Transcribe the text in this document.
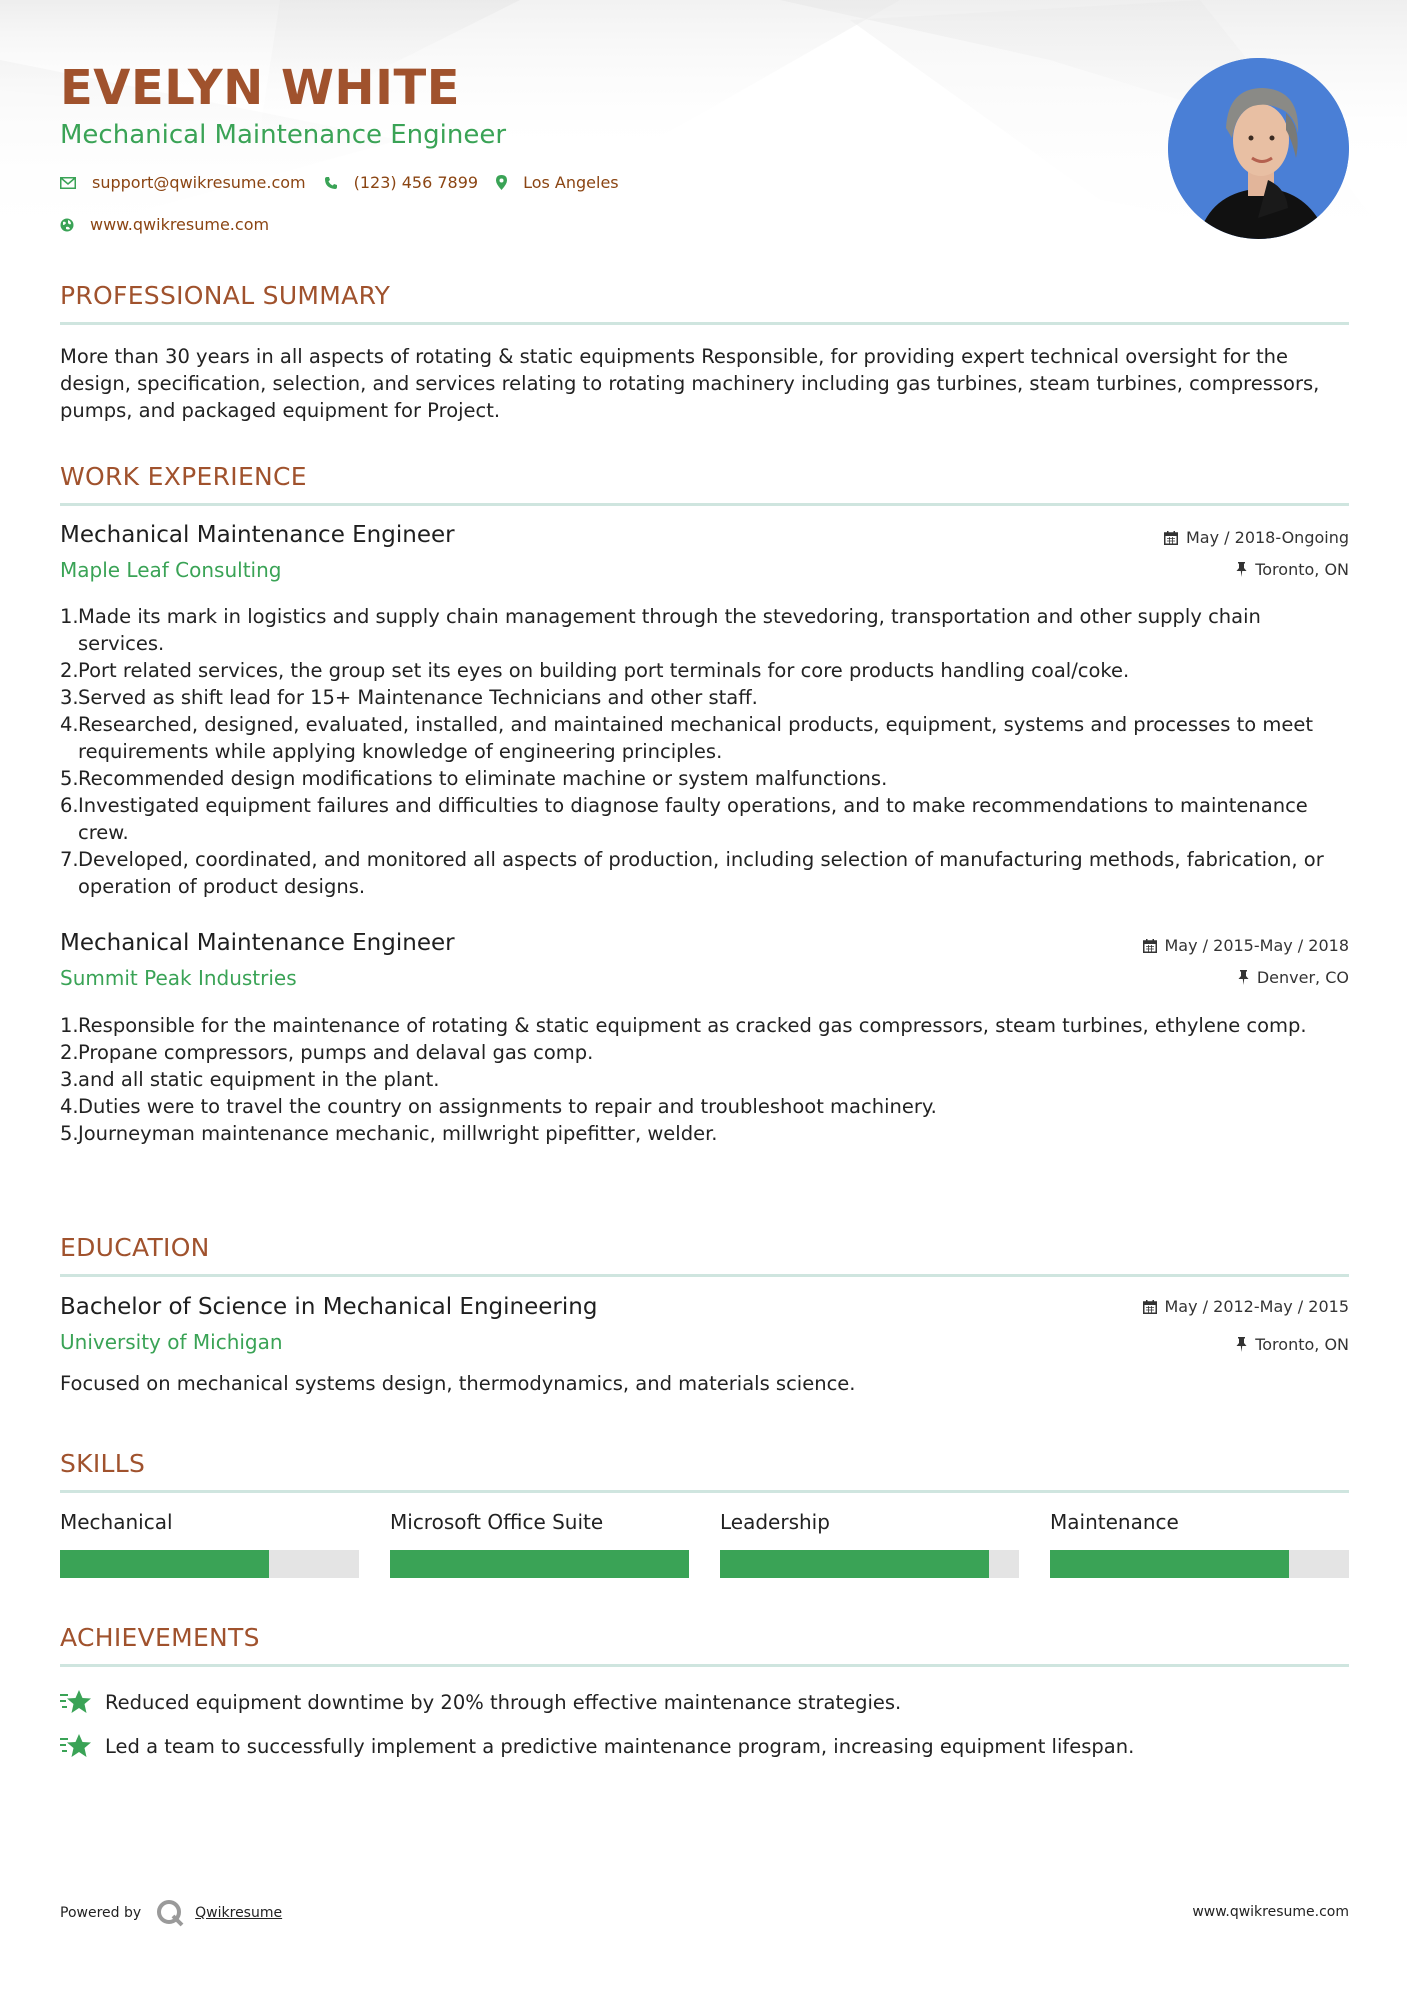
EVELYN WHITE
Mechanical Maintenance Engineer
support@qwikresume.com	(123) 456 7899	Los Angeles
www.qwikresume.com
PROFESSIONAL SUMMARY
More than 30 years in all aspects of rotating & static equipments Responsible, for providing expert technical oversight for the design, specification, selection, and services relating to rotating machinery including gas turbines, steam turbines, compressors, pumps, and packaged equipment for Project.
WORK EXPERIENCE
Mechanical Maintenance Engineer
Maple Leaf Consulting
May / 2018-Ongoing
Toronto, ON
Made its mark in logistics and supply chain management through the stevedoring, transportation and other supply chain services.
Port related services, the group set its eyes on building port terminals for core products handling coal/coke.
Served as shift lead for 15+ Maintenance Technicians and other staff.
Researched, designed, evaluated, installed, and maintained mechanical products, equipment, systems and processes to meet requirements while applying knowledge of engineering principles.
Recommended design modifications to eliminate machine or system malfunctions.
Investigated equipment failures and difficulties to diagnose faulty operations, and to make recommendations to maintenance crew.
Developed, coordinated, and monitored all aspects of production, including selection of manufacturing methods, fabrication, or operation of product designs.
Mechanical Maintenance Engineer
Summit Peak Industries
May / 2015-May / 2018
Denver, CO
Responsible for the maintenance of rotating & static equipment as cracked gas compressors, steam turbines, ethylene comp.
Propane compressors, pumps and delaval gas comp.
and all static equipment in the plant.
Duties were to travel the country on assignments to repair and troubleshoot machinery.
Journeyman maintenance mechanic, millwright pipefitter, welder.
EDUCATION
Bachelor of Science in Mechanical Engineering
University of Michigan
May / 2012-May / 2015
Toronto, ON
Focused on mechanical systems design, thermodynamics, and materials science.
SKILLS
Mechanical	Microsoft Office Suite	Leadership	Maintenance
ACHIEVEMENTS
Reduced equipment downtime by 20% through effective maintenance strategies.
Led a team to successfully implement a predictive maintenance program, increasing equipment lifespan.
Powered by	Qwikresume	www.qwikresume.com
